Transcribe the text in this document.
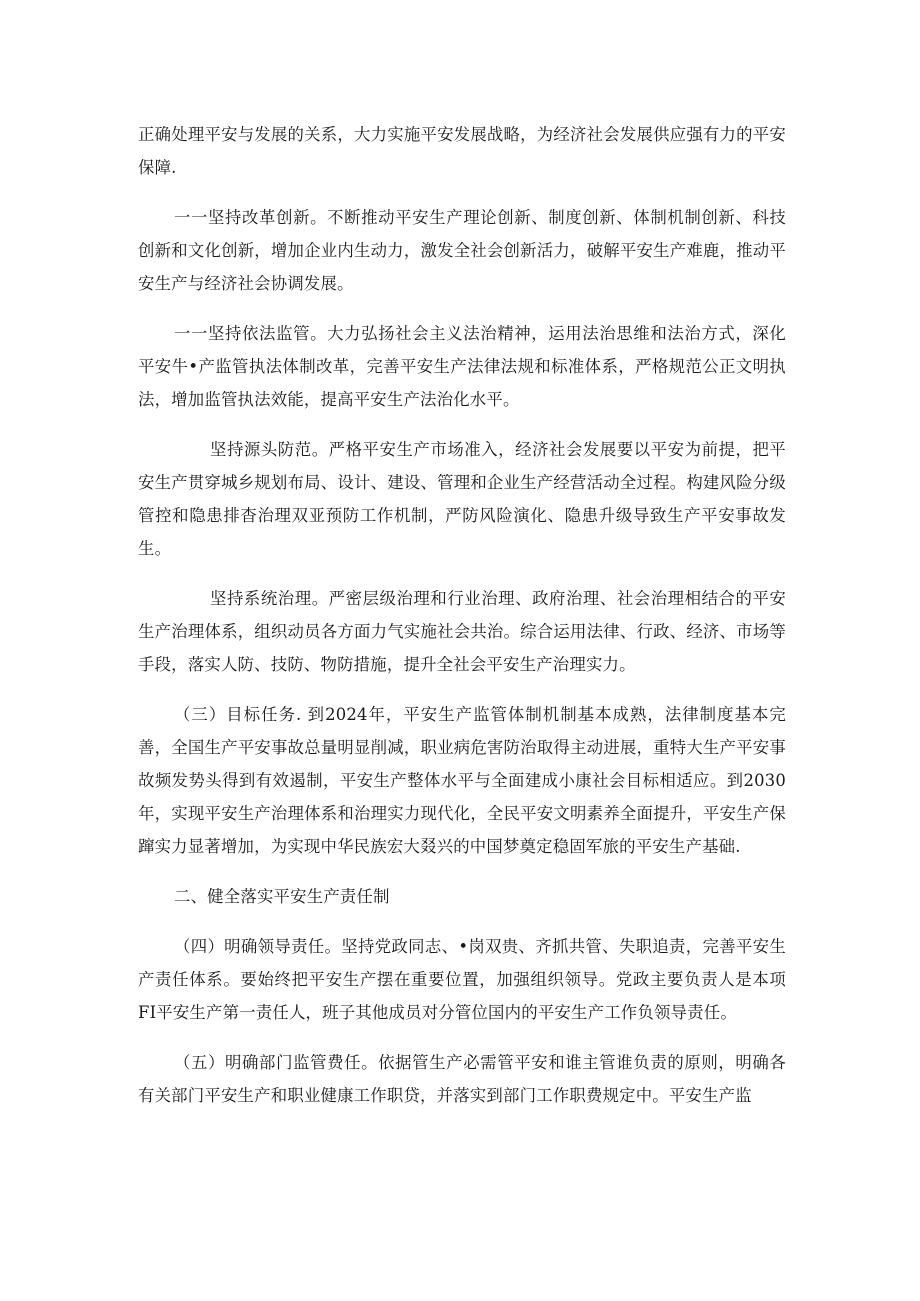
正确处理平安与发展的关系，大力实施平安发展战略，为经济社会发展供应强有力的平安保障.

一一坚持改革创新。不断推动平安生产理论创新、制度创新、体制机制创新、科技创新和文化创新，增加企业内生动力，激发全社会创新活力，破解平安生产难鹿，推动平安生产与经济社会协调发展。

一一坚持依法监管。大力弘扬社会主义法治精神，运用法治思维和法治方式，深化平安牛•产监管执法体制改革，完善平安生产法律法规和标准体系，严格规范公正文明执法，增加监管执法效能，提高平安生产法治化水平。

坚持源头防范。严格平安生产市场准入，经济社会发展要以平安为前提，把平安生产贯穿城乡规划布局、设计、建设、管理和企业生产经营活动全过程。构建风险分级管控和隐患排杳治理双亚预防工作机制，严防风险演化、隐患升级导致生产平安事故发生。

坚持系统治理。严密层级治理和行业治理、政府治理、社会治理相结合的平安生产治理体系，组织动员各方面力气实施社会共治。综合运用法律、行政、经济、市场等手段，落实人防、技防、物防措施，提升全社会平安生产治理实力。

（三）目标任务. 到2024年，平安生产监管体制机制基本成熟，法律制度基本完善，全国生产平安事故总量明显削减，职业病危害防治取得主动进展，重特大生产平安事故频发势头得到有效遏制，平安生产整体水平与全面建成小康社会目标相适应。到2030年，实现平安生产治理体系和治理实力现代化，全民平安文明素养全面提升，平安生产保蹿实力显著增加，为实现中华民族宏大叕兴的中国梦奠定稳固军旅的平安生产基础.

二、健全落实平安生产责任制

（四）明确领导责任。坚持党政同志、•岗双贵、齐抓共管、失职追责，完善平安生产责任体系。要始终把平安生产摆在重要位置，加强组织领导。党政主要负责人是本项FI平安生产第一责任人，班子其他成员对分管位国内的平安生产工作负领导责任。

（五）明确部门监管费任。依据管生产必需管平安和谁主管谁负责的原则，明确各有关部门平安生产和职业健康工作职贷，并落实到部门工作职费规定中。平安生产监
